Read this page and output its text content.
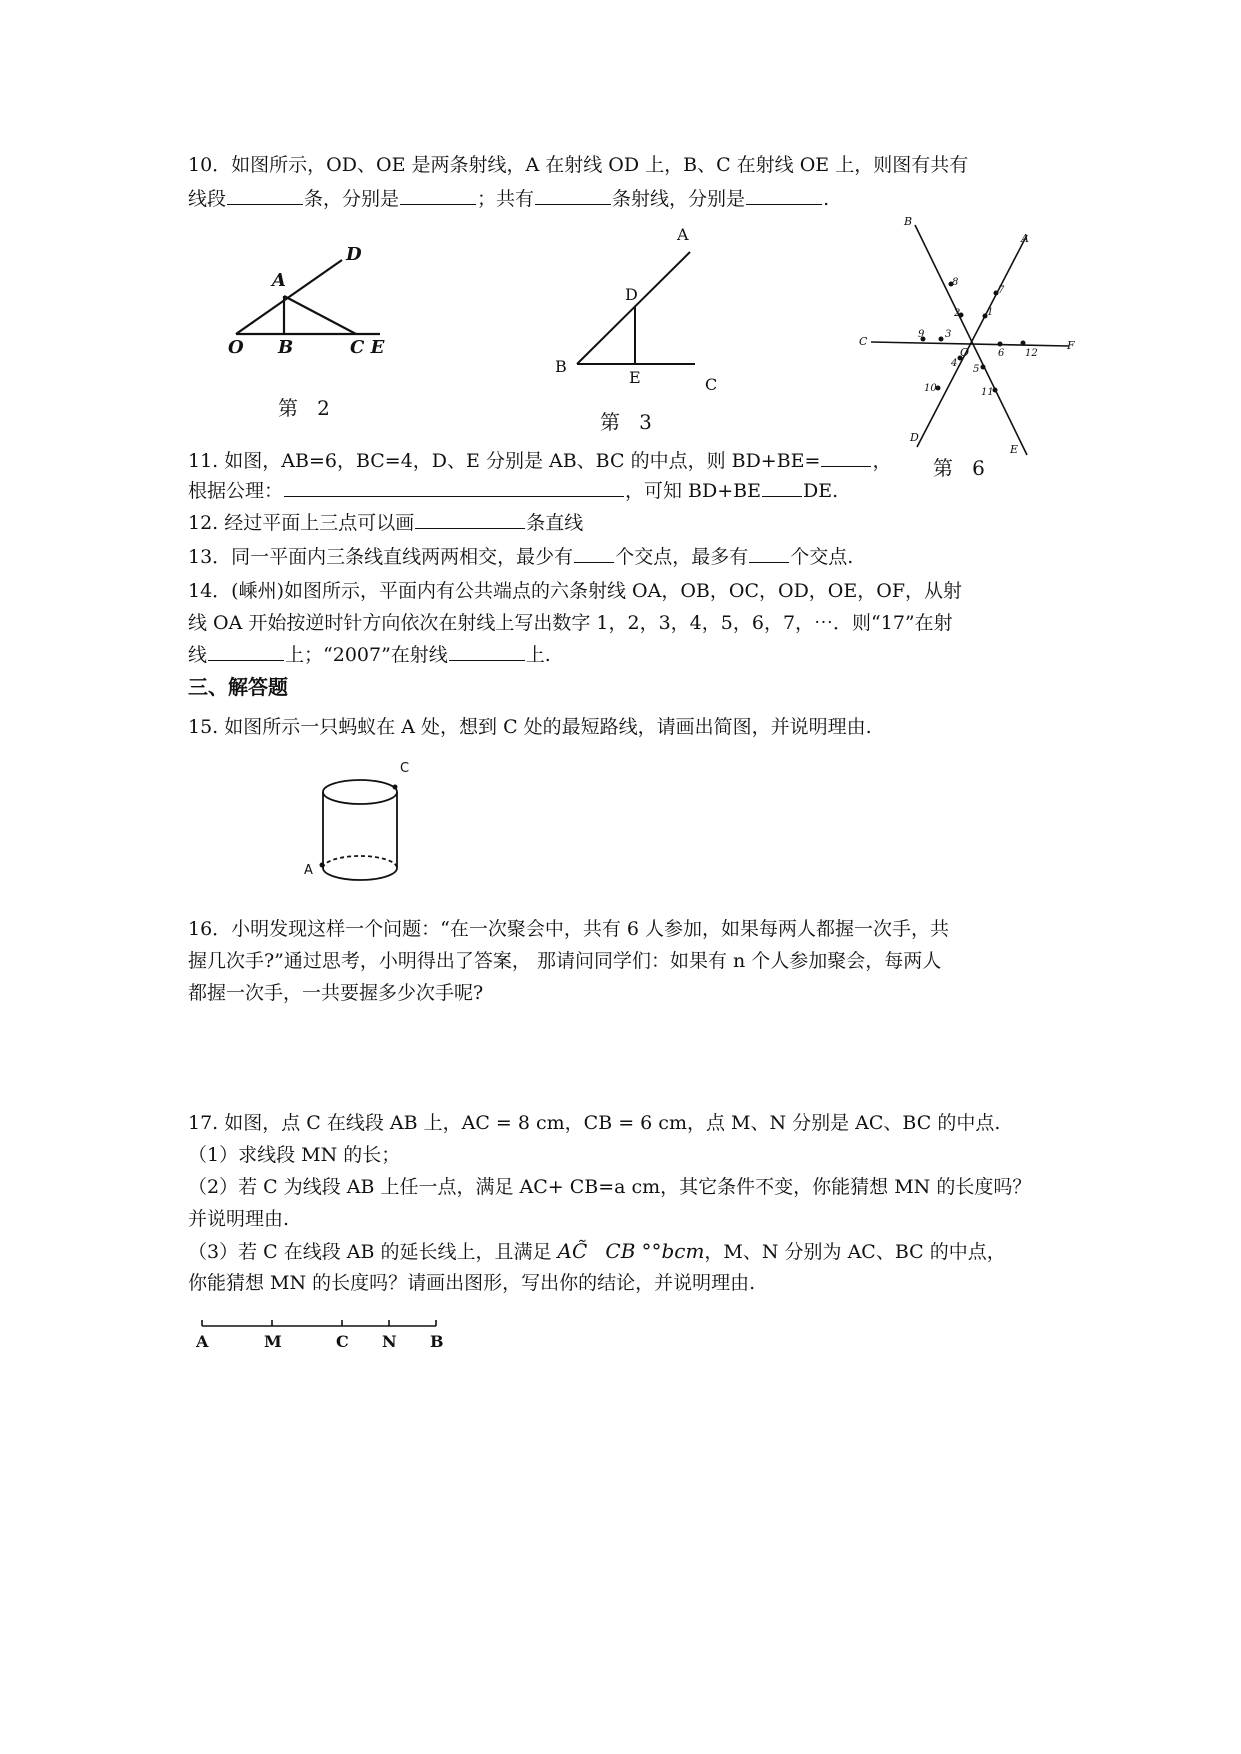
10．如图所示，OD、OE 是两条射线，A 在射线 OD 上，B、C 在射线 OE 上，则图有共有
线段	条，分别是	；共有	条射线，分别是	.
O B
A
D
C E
第 2
A
D
B
E	C
第 3
B
A
C	F
D
E
O
1
2
3
4
5
6
7
8
9
10	11
12
第 6
11. 如图，AB=6，BC=4，D、E 分别是 AB、BC 的中点，则 BD+BE=	，
根据公理：	，可知 BD+BE DE.
12. 经过平面上三点可以画	条直线
13．同一平面内三条线直线两两相交，最少有 个交点，最多有 个交点.
14．(嵊州)如图所示，平面内有公共端点的六条射线 OA，OB，OC，OD，OE，OF，从射
线 OA 开始按逆时针方向依次在射线上写出数字 1，2，3，4，5，6，7，⋯．则“17”在射
线	上；“2007”在射线	上.
三、解答题
15. 如图所示一只蚂蚁在 A 处，想到 C 处的最短路线，请画出简图，并说明理由.
C
A
16．小明发现这样一个问题：“在一次聚会中，共有 6 人参加，如果每两人都握一次手，共
握几次手?”通过思考，小明得出了答案， 那请问同学们：如果有 n 个人参加聚会，每两人
都握一次手，一共要握多少次手呢?
17. 如图，点 C 在线段 AB 上，AC = 8 cm，CB = 6 cm，点 M、N 分别是 AC、BC 的中点.
（1）求线段 MN 的长；
（2）若 C 为线段 AB 上任一点，满足 AC+ CB=a cm，其它条件不变，你能猜想 MN 的长度吗？
并说明理由.
（3）若 C 在线段 AB 的延长线上，且满足 AC̃ CB °°bcm，M、N 分别为 AC、BC 的中点，
你能猜想 MN 的长度吗？请画出图形，写出你的结论，并说明理由.
A	M	C N B
